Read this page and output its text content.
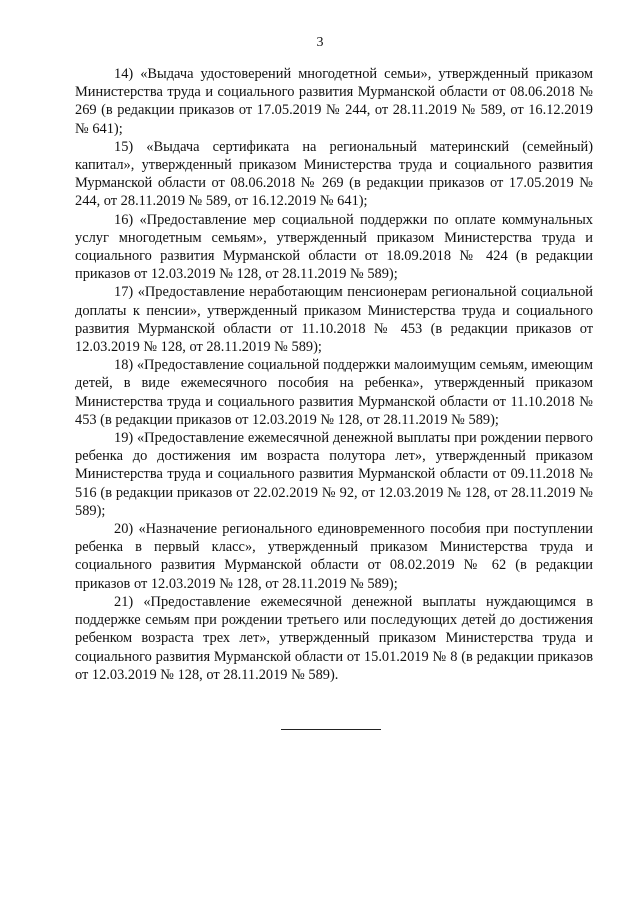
3

14) «Выдача удостоверений многодетной семьи», утвержденный приказом Министерства труда и социального развития Мурманской области от 08.06.2018 № 269 (в редакции приказов от 17.05.2019 № 244, от 28.11.2019 № 589, от 16.12.2019 № 641);

15) «Выдача сертификата на региональный материнский (семейный) капитал», утвержденный приказом Министерства труда и социального развития Мурманской области от 08.06.2018 № 269 (в редакции приказов от 17.05.2019 № 244, от 28.11.2019 № 589, от 16.12.2019 № 641);

16) «Предоставление мер социальной поддержки по оплате коммунальных услуг многодетным семьям», утвержденный приказом Министерства труда и социального развития Мурманской области от 18.09.2018 № 424 (в редакции приказов от 12.03.2019 № 128, от 28.11.2019 № 589);

17) «Предоставление неработающим пенсионерам региональной социальной доплаты к пенсии», утвержденный приказом Министерства труда и социального развития Мурманской области от 11.10.2018 № 453 (в редакции приказов от 12.03.2019 № 128, от 28.11.2019 № 589);

18) «Предоставление социальной поддержки малоимущим семьям, имеющим детей, в виде ежемесячного пособия на ребенка», утвержденный приказом Министерства труда и социального развития Мурманской области от 11.10.2018 № 453 (в редакции приказов от 12.03.2019 № 128, от 28.11.2019 № 589);

19) «Предоставление ежемесячной денежной выплаты при рождении первого ребенка до достижения им возраста полутора лет», утвержденный приказом Министерства труда и социального развития Мурманской области от 09.11.2018 № 516 (в редакции приказов от 22.02.2019 № 92, от 12.03.2019 № 128, от 28.11.2019 № 589);

20) «Назначение регионального единовременного пособия при поступлении ребенка в первый класс», утвержденный приказом Министерства труда и социального развития Мурманской области от 08.02.2019 № 62 (в редакции приказов от 12.03.2019 № 128, от 28.11.2019 № 589);

21) «Предоставление ежемесячной денежной выплаты нуждающимся в поддержке семьям при рождении третьего или последующих детей до достижения ребенком возраста трех лет», утвержденный приказом Министерства труда и социального развития Мурманской области от 15.01.2019 № 8 (в редакции приказов от 12.03.2019 № 128, от 28.11.2019 № 589).
